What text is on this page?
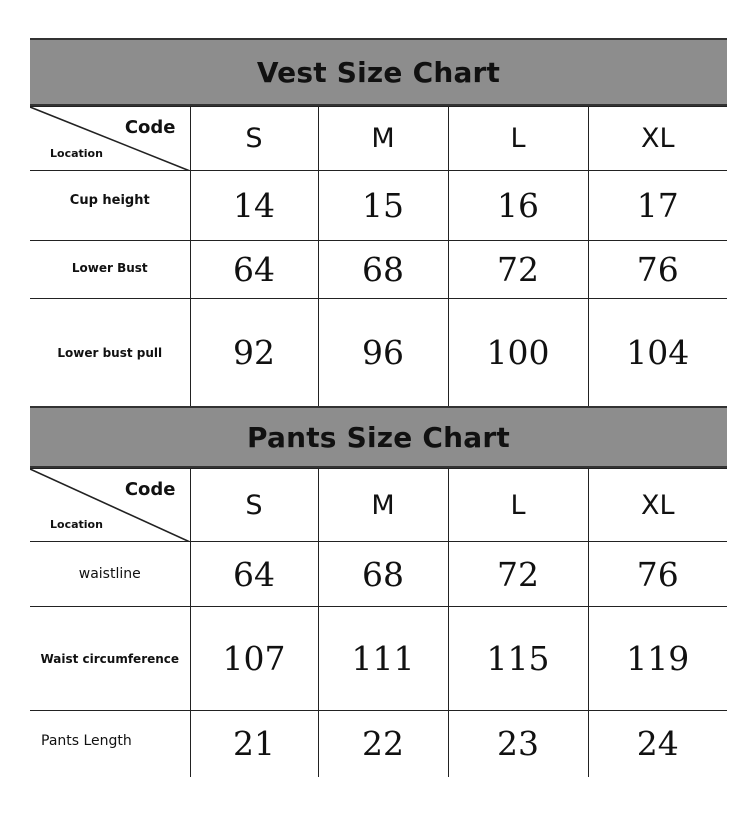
Vest Size Chart
Code
Location	S	M	L	XL
Cup height	14	15	16	17
Lower Bust	64	68	72	76
Lower bust pull	92	96	100	104
Pants Size Chart
Code
Location	S	M	L	XL
waistline	64	68	72	76
Waist circumference	107	111	115	119
Pants Length	21	22	23	24
